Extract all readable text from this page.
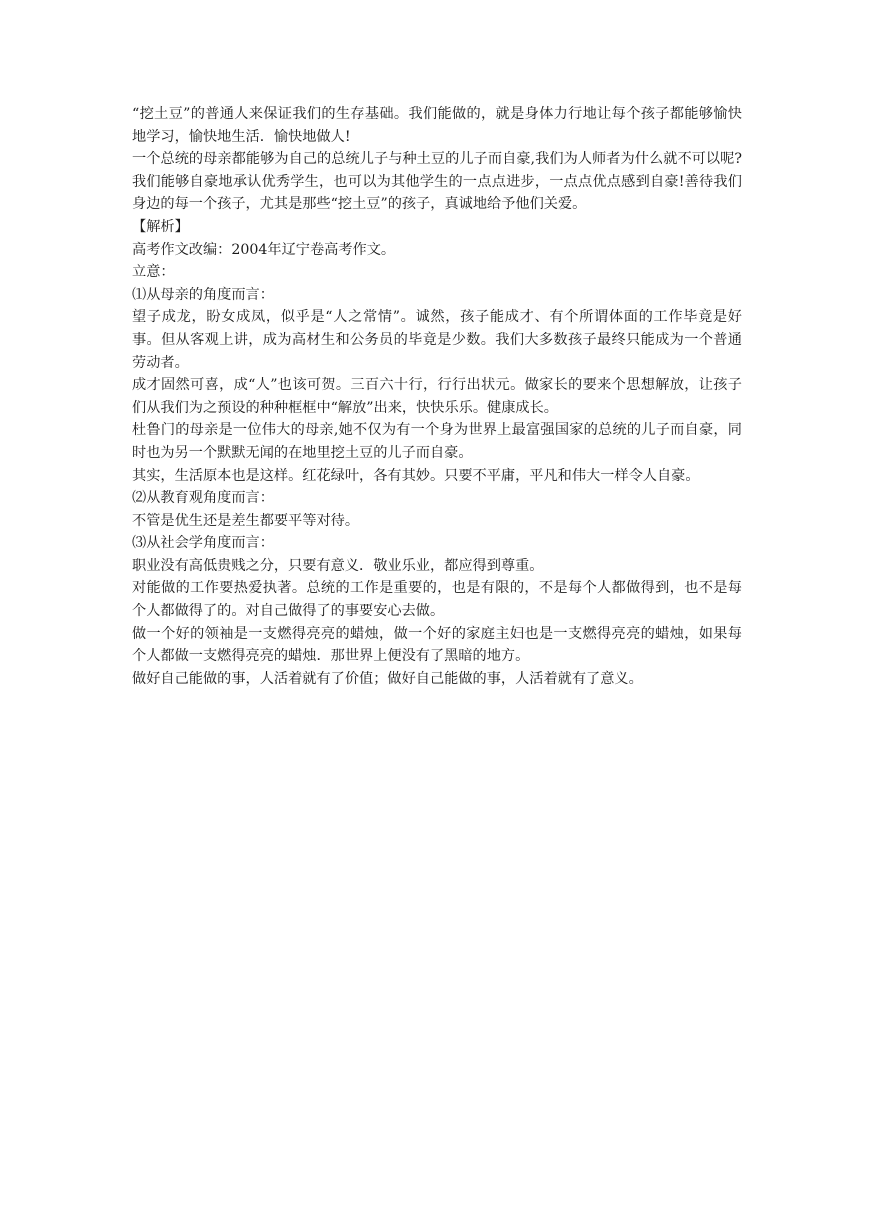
“挖土豆”的普通人来保证我们的生存基础。我们能做的，就是身体力行地让每个孩子都能够愉快地学习，愉快地生活．愉快地做人!

一个总统的母亲都能够为自己的总统儿子与种土豆的儿子而自豪,我们为人师者为什么就不可以呢?我们能够自豪地承认优秀学生，也可以为其他学生的一点点进步，一点点优点感到自豪!善待我们身边的每一个孩子，尤其是那些“挖土豆”的孩子，真诚地给予他们关爱。

【解析】

高考作文改编：2004年辽宁卷高考作文。

立意：

⑴从母亲的角度而言：

望子成龙，盼女成凤，似乎是“人之常情”。诚然，孩子能成才、有个所谓体面的工作毕竟是好事。但从客观上讲，成为高材生和公务员的毕竟是少数。我们大多数孩子最终只能成为一个普通劳动者。

成才固然可喜，成“人”也该可贺。三百六十行，行行出状元。做家长的要来个思想解放，让孩子们从我们为之预设的种种框框中“解放”出来，快快乐乐。健康成长。

杜鲁门的母亲是一位伟大的母亲,她不仅为有一个身为世界上最富强国家的总统的儿子而自豪，同时也为另一个默默无闻的在地里挖土豆的儿子而自豪。

其实，生活原本也是这样。红花绿叶，各有其妙。只要不平庸，平凡和伟大一样令人自豪。

⑵从教育观角度而言：

不管是优生还是差生都要平等对待。

⑶从社会学角度而言：

职业没有高低贵贱之分，只要有意义．敬业乐业，都应得到尊重。

对能做的工作要热爱执著。总统的工作是重要的，也是有限的，不是每个人都做得到，也不是每个人都做得了的。对自己做得了的事要安心去做。

做一个好的领袖是一支燃得亮亮的蜡烛，做一个好的家庭主妇也是一支燃得亮亮的蜡烛，如果每个人都做一支燃得亮亮的蜡烛．那世界上便没有了黑暗的地方。

做好自己能做的事，人活着就有了价值；做好自己能做的事，人活着就有了意义。
